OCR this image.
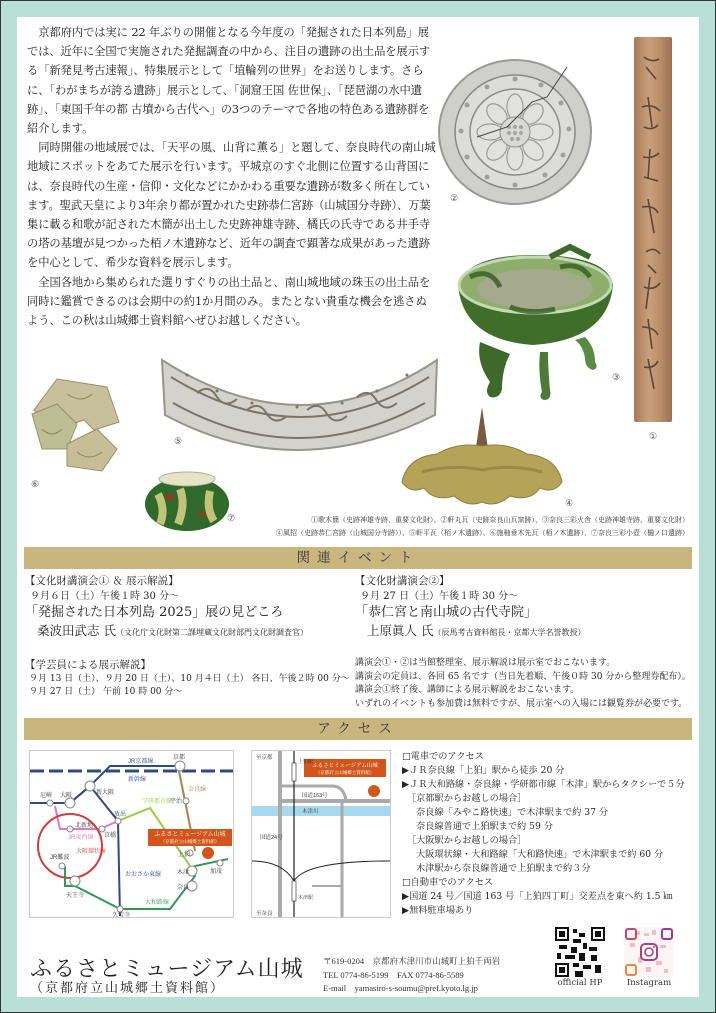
京都府内では実に 22 年ぶりの開催となる今年度の「発掘された日本列島」展では、近年に全国で実施された発掘調査の中から、注目の遺跡の出土品を展示する「新発見考古速報」、特集展示として「埴輪列の世界」をお送りします。さらに、「わがまちが誇る遺跡」展示として、「洞窟王国 佐世保」、「琵琶湖の水中遺跡」、「東国千年の都 古墳から古代へ」の3つのテーマで各地の特色ある遺跡群を紹介します。

同時開催の地域展では、「天平の風、山背に薫る」と題して、奈良時代の南山城地域にスポットをあてた展示を行います。平城京のすぐ北側に位置する山背国には、奈良時代の生産・信仰・文化などにかかわる重要な遺跡が数多く所在しています。聖武天皇により3年余り都が置かれた史跡恭仁宮跡（山城国分寺跡）、万葉集に載る和歌が記された木簡が出土した史跡神雄寺跡、橘氏の氏寺である井手寺の塔の基壇が見つかった栢ノ木遺跡など、近年の調査で顕著な成果があった遺跡を中心として、希少な資料を展示します。

全国各地から集められた選りすぐりの出土品と、南山城地域の珠玉の出土品を同時に鑑賞できるのは会期中の約1か月間のみ。またとない貴重な機会を逃さぬよう、この秋は山城郷土資料館へぜひお越しください。

①
②
③
④
⑤
⑥
⑦	①歌木簡（史跡神雄寺跡、重要文化財）、②軒丸瓦（史跡奈良山瓦窯跡）、③奈良三彩火舎（史跡神雄寺跡、重要文化財）
④風招（史跡恭仁宮跡（山城国分寺跡））、⑤軒平瓦（栢ノ木遺跡）、⑥施釉垂木先瓦（栢ノ木遺跡）、⑦奈良三彩小壺（樋ノ口遺跡）
関連イベント
【文化財講演会① ＆ 展示解説】
９月６日（土）午後１時 30 分～
「発掘された日本列島 2025」展の見どころ
桑波田武志 氏（文化庁文化財第二課埋蔵文化財部門文化財調査官）
【学芸員による展示解説】
９月 13 日（土）、９月 20 日（土）、10 月４日（土） 各日、午後２時 00 分～
９月 27 日（土） 午前 10 時 00 分～
【文化財講演会②】
９月 27 日（土）午後１時 30 分～
「恭仁宮と南山城の古代寺院」
上原眞人 氏（辰馬考古資料館長・京都大学名誉教授）
講演会①・②は当館整理室、展示解説は展示室でおこないます。
講演会の定員は、各回 65 名です（当日先着順、午後０時 30 分から整理券配布）。
講演会①終了後、講師による展示解説をおこないます。
いずれのイベントも参加費は無料ですが、展示室への入場には観覧券が必要です。
アクセス
ふるさとミュージアム山城
（京都府立山城郷土資料館）
JR京都線
新幹線
奈良線
学研都市線
JR東西線
大阪環状線
おおさか東線
大和路線
京都
新大阪
尼崎 大阪
宇治
北新地
京橋
放出
JR難波
天王寺
久宝寺
上狛
木津
奈良
加茂
ふるさとミュージアム山城
（京都府立山城郷土資料館）
至京都
至奈良
国道163号
木津川
国道24号
上狛駅
木津駅
□電車でのアクセス
▶ＪＲ奈良線「上狛」駅から徒歩 20 分
▶ＪＲ大和路線・奈良線・学研都市線「木津」駅からタクシーで５分
［京都駅からお越しの場合］
奈良線「みやこ路快速」で木津駅まで約 37 分
奈良線普通で上狛駅まで約 59 分
［大阪駅からお越しの場合］
大阪環状線・大和路線「大和路快速」で木津駅まで約 60 分
木津駅から奈良線普通で上狛駅まで約３分
□自動車でのアクセス
▶国道 24 号／国道 163 号「上狛四丁町」交差点を東へ約 1.5 ㎞
▶無料駐車場あり
ふるさとミュージアム山城
（京都府立山城郷土資料館）
〒619-0204　京都府木津川市山城町上狛千両岩
TEL 0774-86-5199　FAX 0774-86-5589
E-mail　yamasiro-s-soumu@pref.kyoto.lg.jp	official HP	Instagram
